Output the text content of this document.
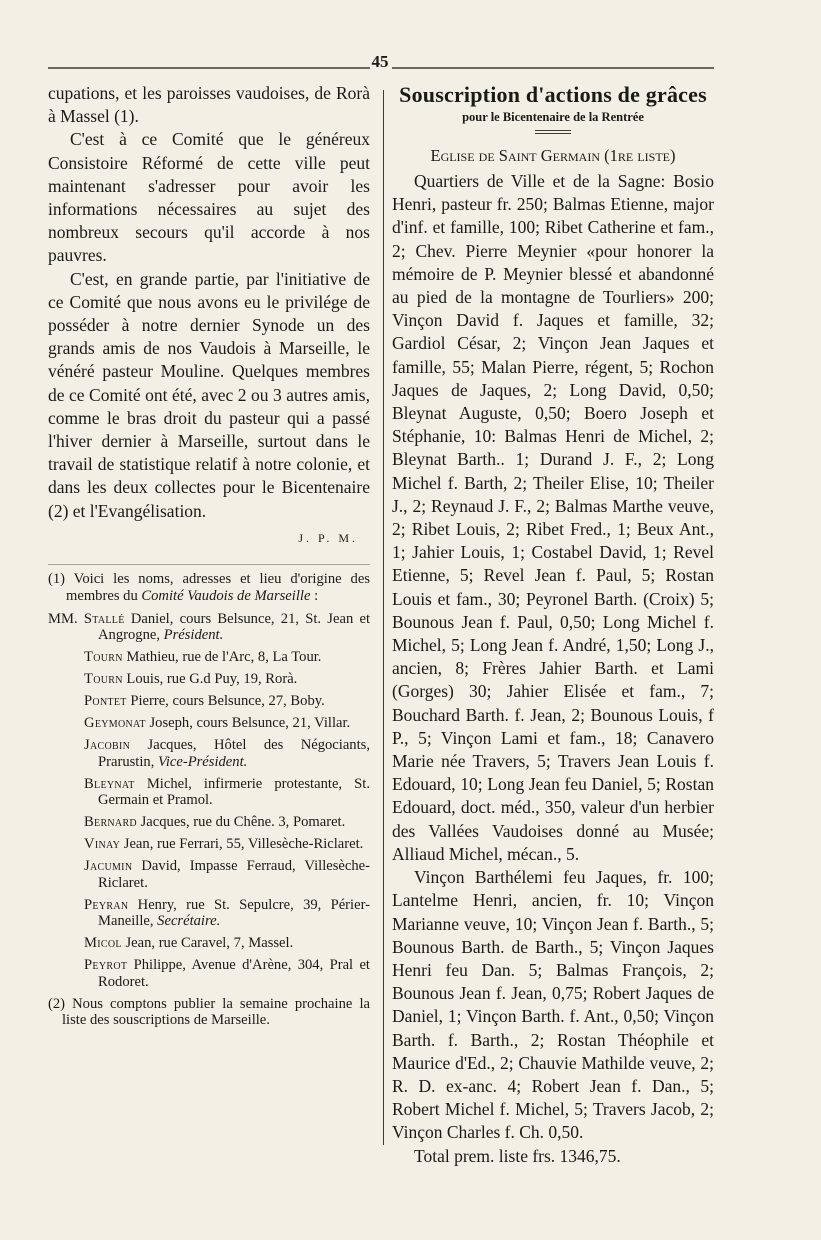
45

cupations, et les paroisses vaudoises, de Rorà à Massel (1).

C'est à ce Comité que le généreux Consistoire Réformé de cette ville peut maintenant s'adresser pour avoir les informations nécessaires au sujet des nombreux secours qu'il accorde à nos pauvres.

C'est, en grande partie, par l'initiative de ce Comité que nous avons eu le privilége de posséder à notre dernier Synode un des grands amis de nos Vaudois à Marseille, le vénéré pasteur Mouline. Quelques membres de ce Comité ont été, avec 2 ou 3 autres amis, comme le bras droit du pasteur qui a passé l'hiver dernier à Marseille, surtout dans le travail de statistique relatif à notre colonie, et dans les deux collectes pour le Bicentenaire (2) et l'Evangélisation.

J. P. M.

(1) Voici les noms, adresses et lieu d'origine des membres du Comité Vaudois de Marseille :

MM. Stallé Daniel, cours Belsunce, 21, St. Jean et Angrogne, Président.
Tourn Mathieu, rue de l'Arc, 8, La Tour.
Tourn Louis, rue G.d Puy, 19, Rorà.
Pontet Pierre, cours Belsunce, 27, Boby.
Geymonat Joseph, cours Belsunce, 21, Villar.
Jacobin Jacques, Hôtel des Négociants, Prarustin, Vice-Président.
Bleynat Michel, infirmerie protestante, St. Germain et Pramol.
Bernard Jacques, rue du Chêne. 3, Pomaret.
Vinay Jean, rue Ferrari, 55, Villesèche-Riclaret.
Jacumin David, Impasse Ferraud, Villesèche-Riclaret.
Peyran Henry, rue St. Sepulcre, 39, Périer-Maneille, Secrétaire.
Micol Jean, rue Caravel, 7, Massel.
Peyrot Philippe, Avenue d'Arène, 304, Pral et Rodoret.

(2) Nous comptons publier la semaine prochaine la liste des souscriptions de Marseille.

Souscription d'actions de grâces
pour le Bicentenaire de la Rentrée
Eglise de Saint Germain (1re liste)

Quartiers de Ville et de la Sagne: Bosio Henri, pasteur fr. 250; Balmas Etienne, major d'inf. et famille, 100; Ribet Catherine et fam., 2; Chev. Pierre Meynier «pour honorer la mémoire de P. Meynier blessé et abandonné au pied de la montagne de Tourliers» 200; Vinçon David f. Jaques et famille, 32; Gardiol César, 2; Vinçon Jean Jaques et famille, 55; Malan Pierre, régent, 5; Rochon Jaques de Jaques, 2; Long David, 0,50; Bleynat Auguste, 0,50; Boero Joseph et Stéphanie, 10: Balmas Henri de Michel, 2; Bleynat Barth.. 1; Durand J. F., 2; Long Michel f. Barth, 2; Theiler Elise, 10; Theiler J., 2; Reynaud J. F., 2; Balmas Marthe veuve, 2; Ribet Louis, 2; Ribet Fred., 1; Beux Ant., 1; Jahier Louis, 1; Costabel David, 1; Revel Etienne, 5; Revel Jean f. Paul, 5; Rostan Louis et fam., 30; Peyronel Barth. (Croix) 5; Bounous Jean f. Paul, 0,50; Long Michel f. Michel, 5; Long Jean f. André, 1,50; Long J., ancien, 8; Frères Jahier Barth. et Lami (Gorges) 30; Jahier Elisée et fam., 7; Bouchard Barth. f. Jean, 2; Bounous Louis, f P., 5; Vinçon Lami et fam., 18; Canavero Marie née Travers, 5; Travers Jean Louis f. Edouard, 10; Long Jean feu Daniel, 5; Rostan Edouard, doct. méd., 350, valeur d'un herbier des Vallées Vaudoises donné au Musée; Alliaud Michel, mécan., 5.

Vinçon Barthélemi feu Jaques, fr. 100; Lantelme Henri, ancien, fr. 10; Vinçon Marianne veuve, 10; Vinçon Jean f. Barth., 5; Bounous Barth. de Barth., 5; Vinçon Jaques Henri feu Dan. 5; Balmas François, 2; Bounous Jean f. Jean, 0,75; Robert Jaques de Daniel, 1; Vinçon Barth. f. Ant., 0,50; Vinçon Barth. f. Barth., 2; Rostan Théophile et Maurice d'Ed., 2; Chauvie Mathilde veuve, 2; R. D. ex-anc. 4; Robert Jean f. Dan., 5; Robert Michel f. Michel, 5; Travers Jacob, 2; Vinçon Charles f. Ch. 0,50.

Total prem. liste frs. 1346,75.
